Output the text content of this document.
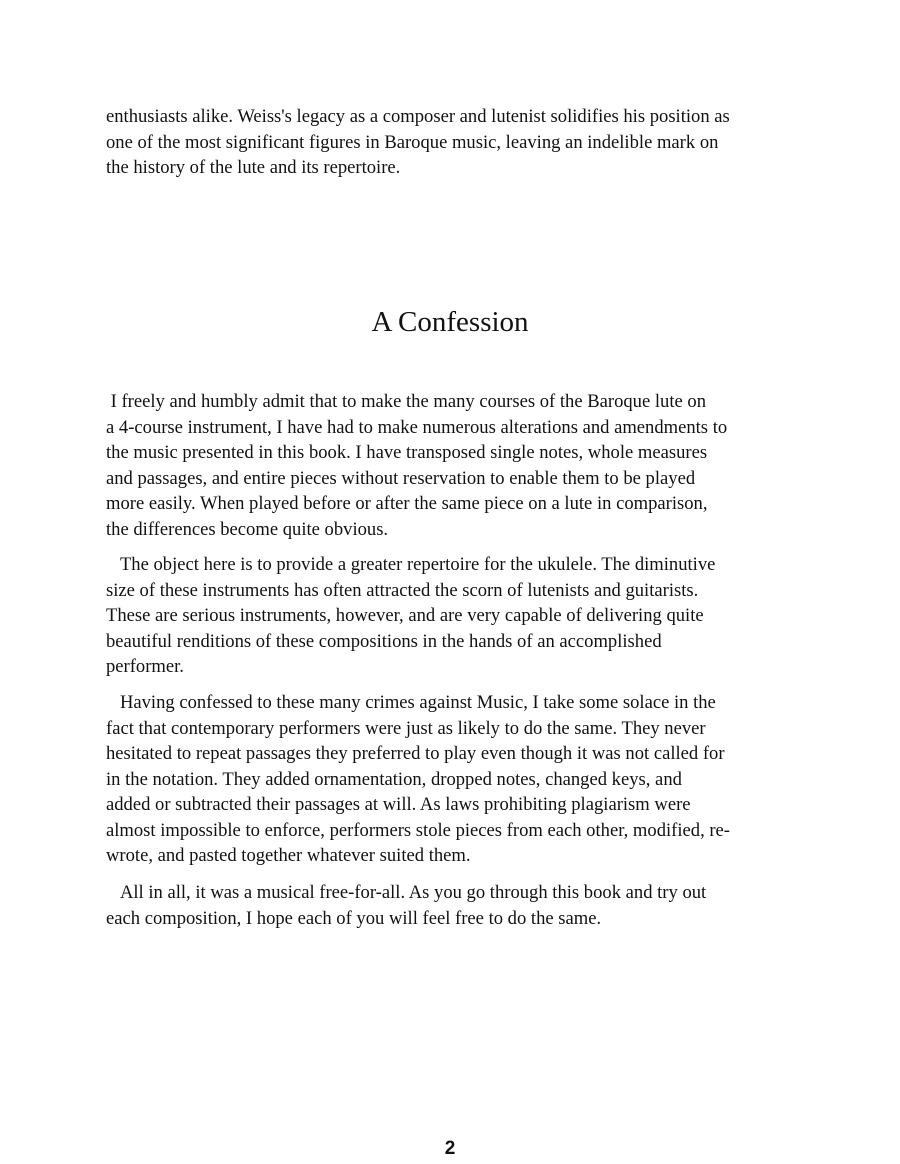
enthusiasts alike. Weiss's legacy as a composer and lutenist solidifies his position as
one of the most significant figures in Baroque music, leaving an indelible mark on
the history of the lute and its repertoire.

A Confession

I freely and humbly admit that to make the many courses of the Baroque lute on
a 4-course instrument, I have had to make numerous alterations and amendments to
the music presented in this book. I have transposed single notes, whole measures
and passages, and entire pieces without reservation to enable them to be played
more easily. When played before or after the same piece on a lute in comparison,
the differences become quite obvious.

The object here is to provide a greater repertoire for the ukulele. The diminutive
size of these instruments has often attracted the scorn of lutenists and guitarists.
These are serious instruments, however, and are very capable of delivering quite
beautiful renditions of these compositions in the hands of an accomplished
performer.

Having confessed to these many crimes against Music, I take some solace in the
fact that contemporary performers were just as likely to do the same. They never
hesitated to repeat passages they preferred to play even though it was not called for
in the notation. They added ornamentation, dropped notes, changed keys, and
added or subtracted their passages at will. As laws prohibiting plagiarism were
almost impossible to enforce, performers stole pieces from each other, modified, re-
wrote, and pasted together whatever suited them.

All in all, it was a musical free-for-all. As you go through this book and try out
each composition, I hope each of you will feel free to do the same.

2
